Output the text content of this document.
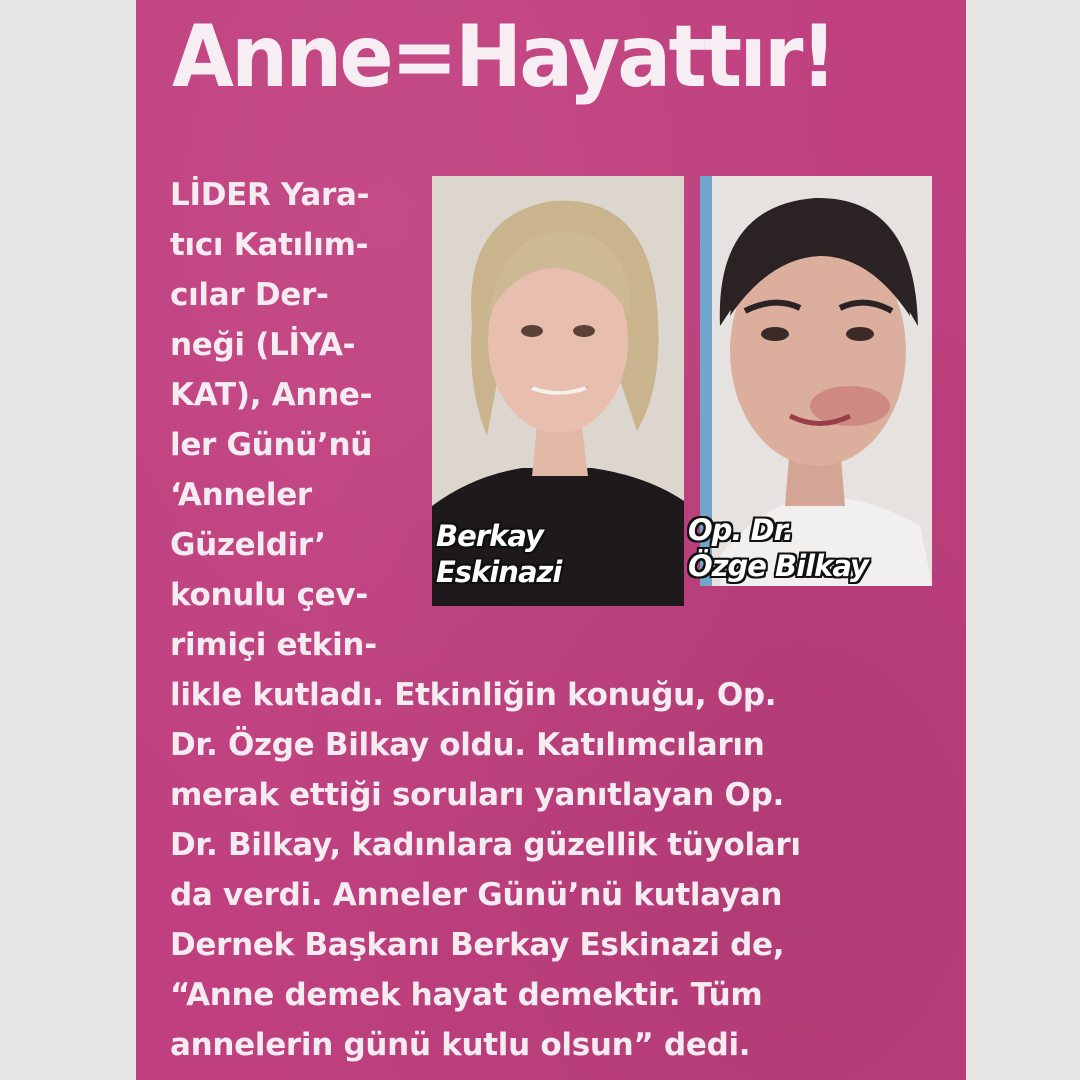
Anne=Hayattır!
LİDER Yara-
tıcı Katılım-
cılar Der-
neği (LİYA-
KAT), Anne-
ler Günü’nü
‘Anneler
Güzeldir’
konulu çev-
rimiçi etkin-
Berkay
Eskinazi
Op. Dr.
Özge Bilkay
likle kutladı. Etkinliğin konuğu, Op.
Dr. Özge Bilkay oldu. Katılımcıların
merak ettiği soruları yanıtlayan Op.
Dr. Bilkay, kadınlara güzellik tüyoları
da verdi. Anneler Günü’nü kutlayan
Dernek Başkanı Berkay Eskinazi de,
“Anne demek hayat demektir. Tüm
annelerin günü kutlu olsun” dedi.
